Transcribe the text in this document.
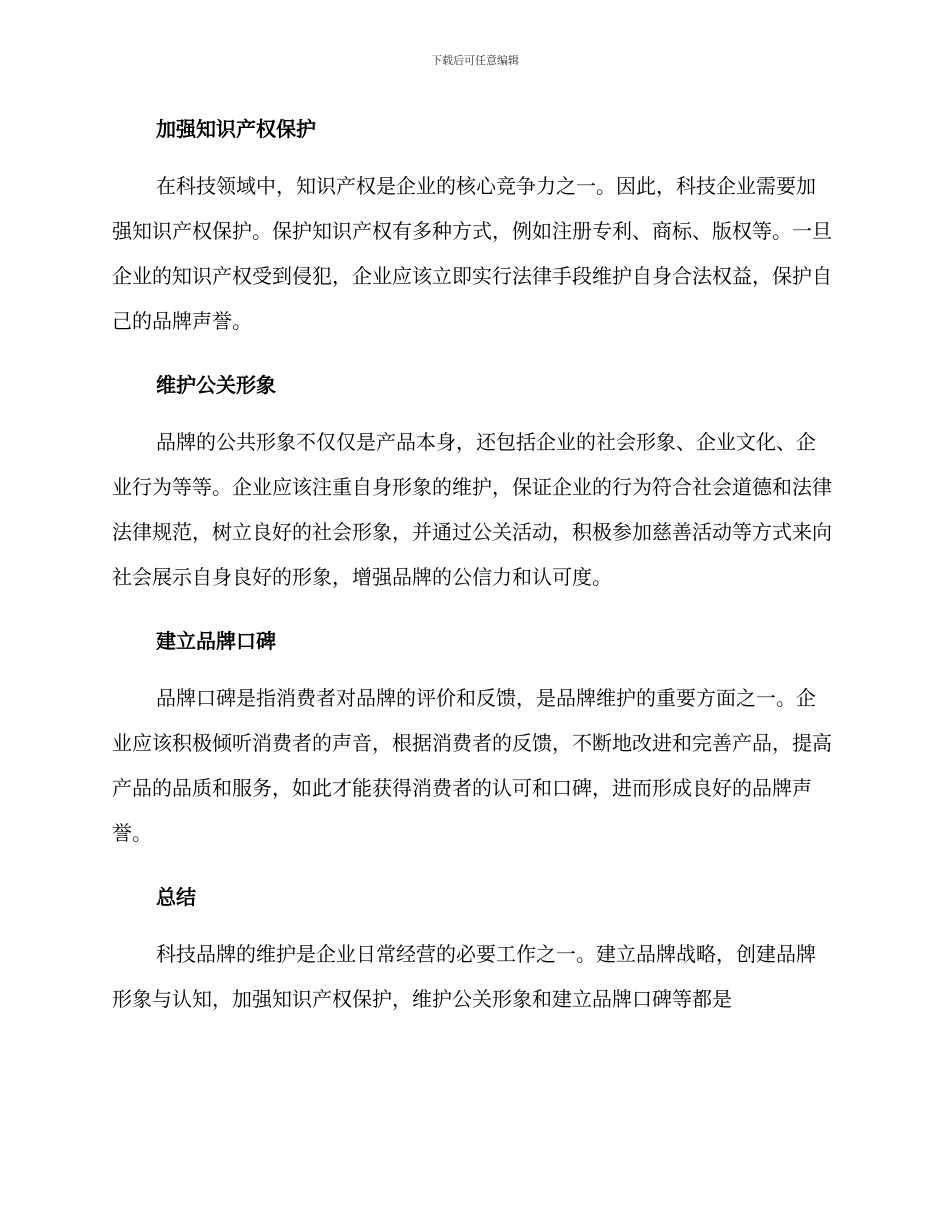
下载后可任意编辑
加强知识产权保护

在科技领域中，知识产权是企业的核心竞争力之一。因此，科技企业需要加强知识产权保护。保护知识产权有多种方式，例如注册专利、商标、版权等。一旦企业的知识产权受到侵犯，企业应该立即实行法律手段维护自身合法权益，保护自己的品牌声誉。

维护公关形象

品牌的公共形象不仅仅是产品本身，还包括企业的社会形象、企业文化、企业行为等等。企业应该注重自身形象的维护，保证企业的行为符合社会道德和法律法律规范，树立良好的社会形象，并通过公关活动，积极参加慈善活动等方式来向社会展示自身良好的形象，增强品牌的公信力和认可度。

建立品牌口碑

品牌口碑是指消费者对品牌的评价和反馈，是品牌维护的重要方面之一。企业应该积极倾听消费者的声音，根据消费者的反馈，不断地改进和完善产品，提高产品的品质和服务，如此才能获得消费者的认可和口碑，进而形成良好的品牌声誉。

总结

科技品牌的维护是企业日常经营的必要工作之一。建立品牌战略，创建品牌形象与认知，加强知识产权保护，维护公关形象和建立品牌口碑等都是
